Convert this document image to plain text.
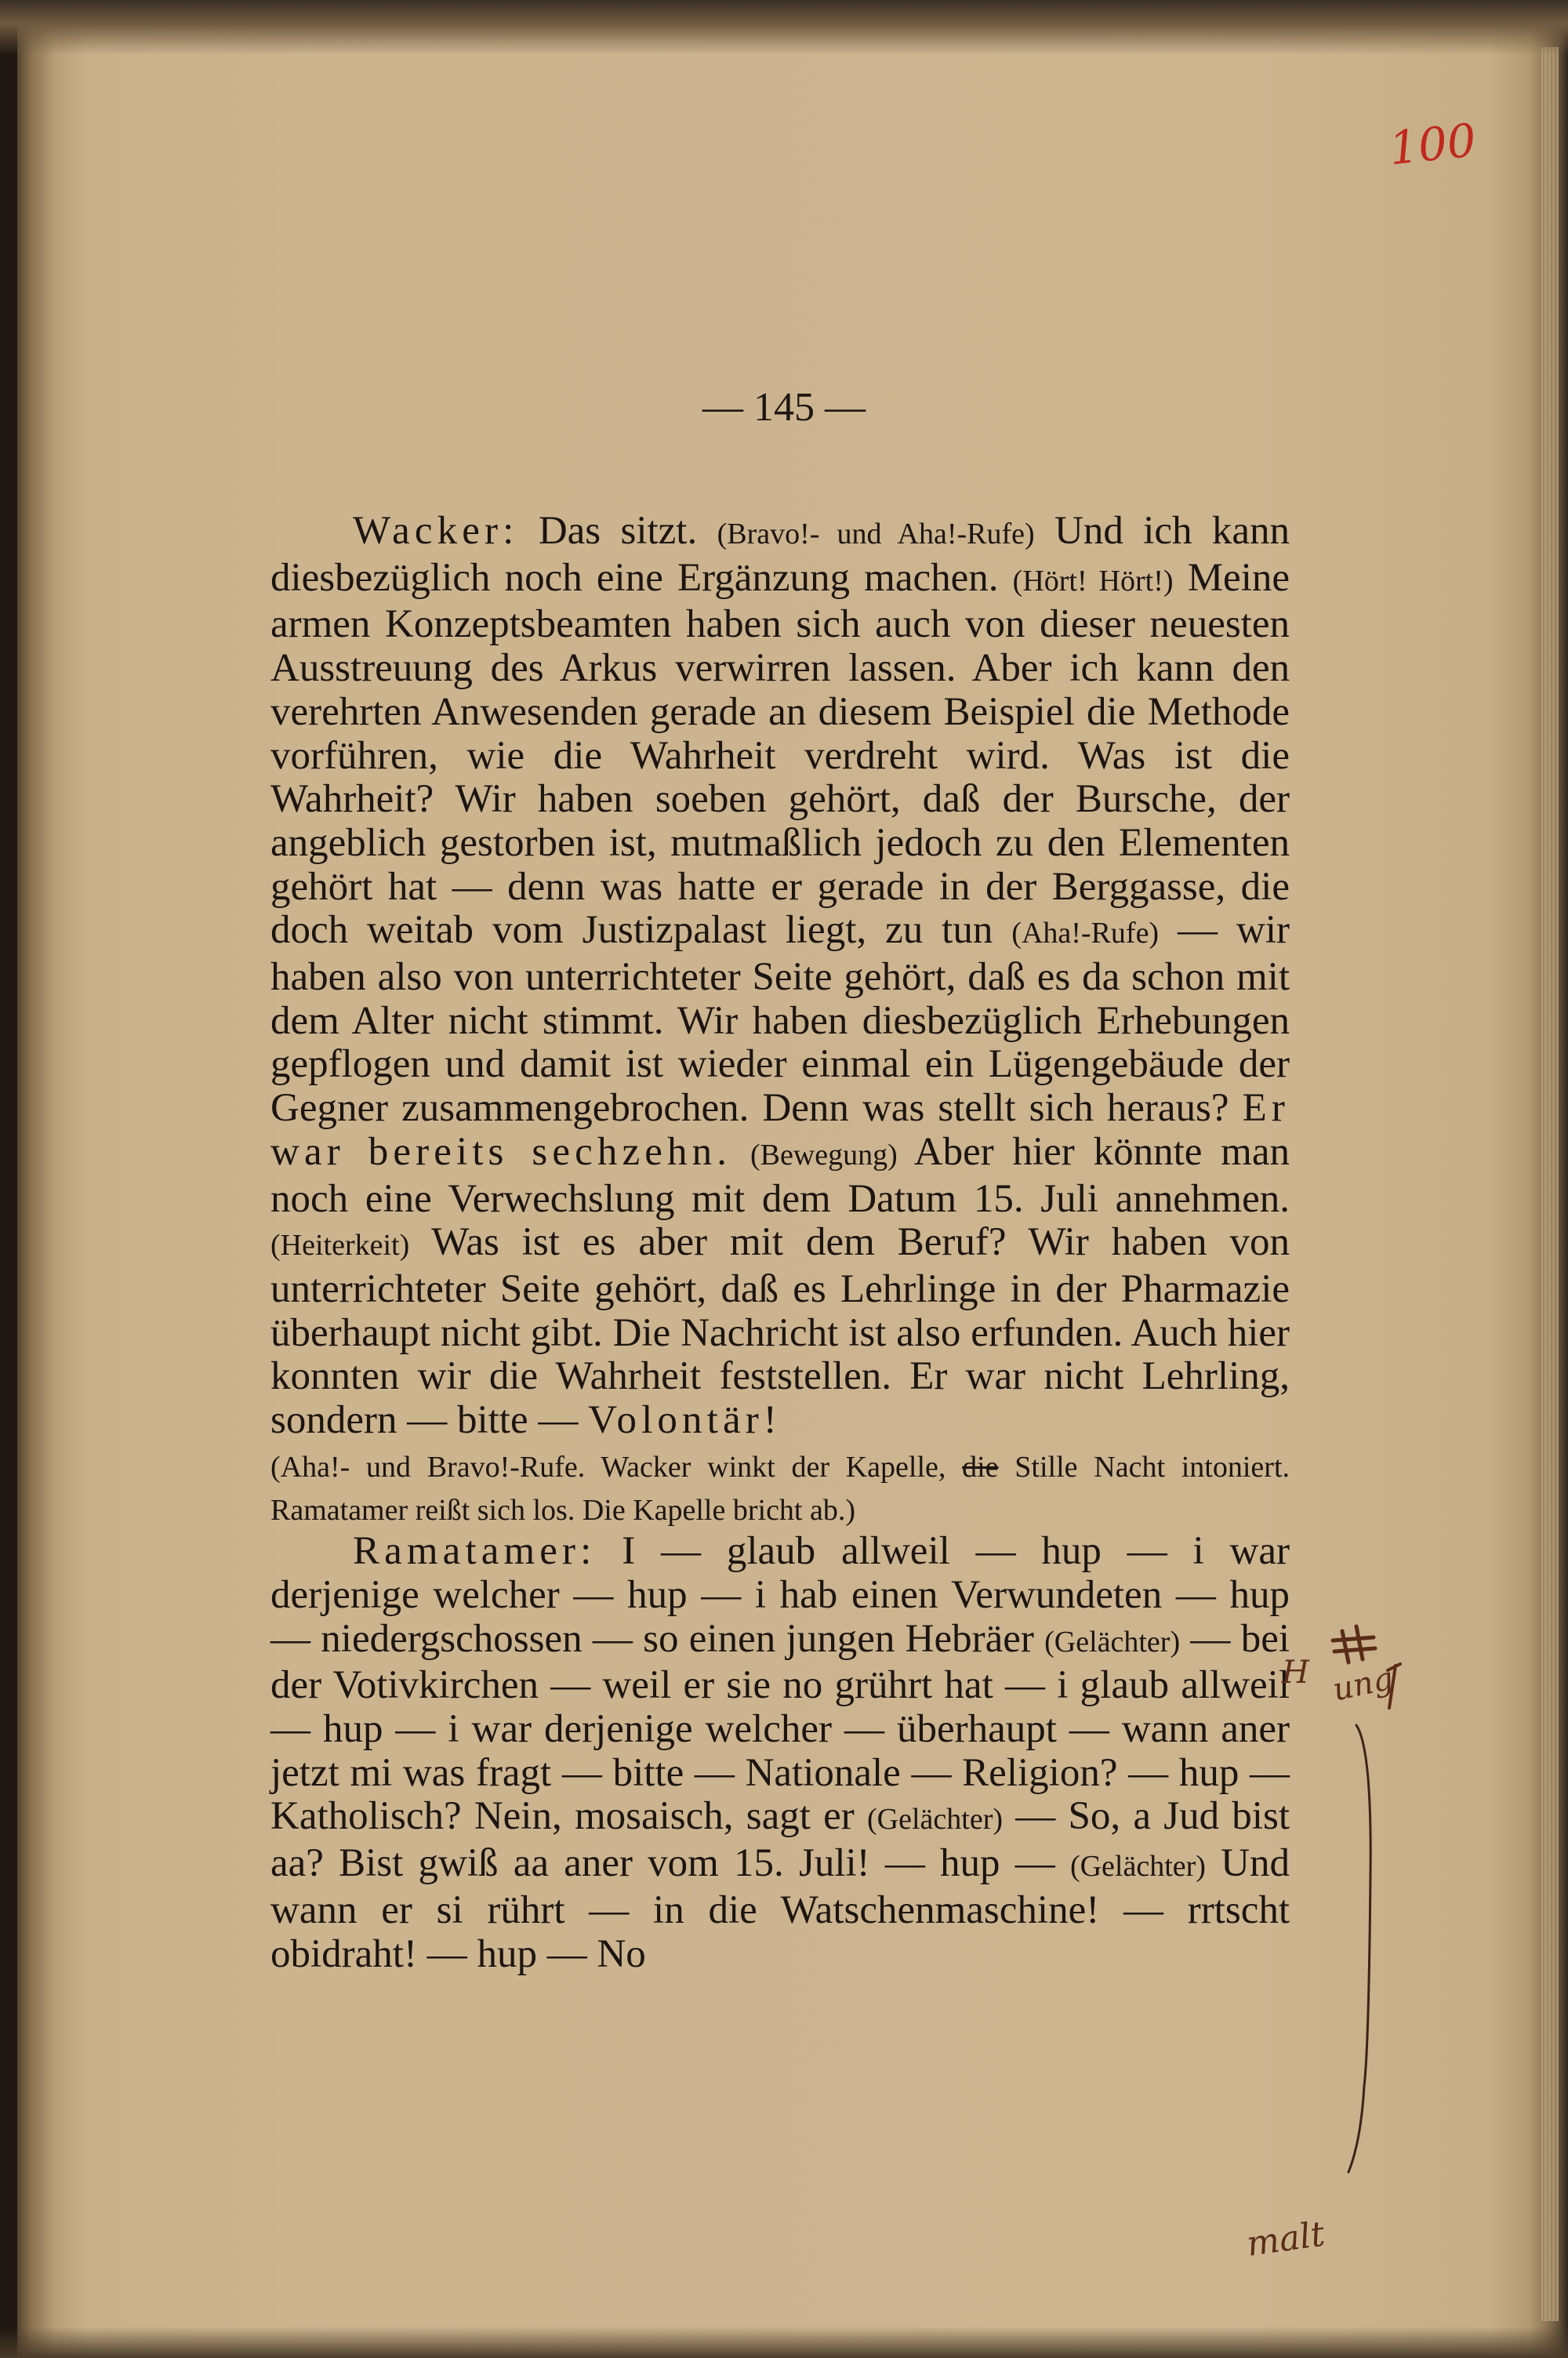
100
— 145 —

Wacker: Das sitzt. (Bravo!- und Aha!-Rufe) Und ich kann diesbezüglich noch eine Ergänzung machen. (Hört! Hört!) Meine armen Konzeptsbeamten haben sich auch von dieser neuesten Ausstreuung des Arkus verwirren lassen. Aber ich kann den verehrten Anwesenden gerade an diesem Beispiel die Methode vorführen, wie die Wahrheit verdreht wird. Was ist die Wahrheit? Wir haben soeben gehört, daß der Bursche, der angeblich gestorben ist, mutmaßlich jedoch zu den Elementen gehört hat — denn was hatte er gerade in der Berggasse, die doch weitab vom Justizpalast liegt, zu tun (Aha!-Rufe) — wir haben also von unterrichteter Seite gehört, daß es da schon mit dem Alter nicht stimmt. Wir haben diesbezüglich Erhebungen gepflogen und damit ist wieder einmal ein Lügengebäude der Gegner zusammengebrochen. Denn was stellt sich heraus? Er war bereits sechzehn. (Bewegung) Aber hier könnte man noch eine Verwechslung mit dem Datum 15. Juli annehmen. (Heiterkeit) Was ist es aber mit dem Beruf? Wir haben von unterrichteter Seite gehört, daß es Lehrlinge in der Pharmazie überhaupt nicht gibt. Die Nachricht ist also erfunden. Auch hier konnten wir die Wahrheit feststellen. Er war nicht Lehrling, sondern — bitte — Volontär!
(Aha!- und Bravo!-Rufe. Wacker winkt der Kapelle, die Stille Nacht intoniert. Ramatamer reißt sich los. Die Kapelle bricht ab.)

Ramatamer: I — glaub allweil — hup — i war derjenige welcher — hup — i hab einen Verwundeten — hup — niedergschossen — so einen jungen Hebräer (Gelächter) — bei der Votivkirchen — weil er sie no grührt hat — i glaub allweil — hup — i war derjenige welcher — überhaupt — wann aner jetzt mi was fragt — bitte — Nationale — Religion? — hup — Katholisch? Nein, mosaisch, sagt er (Gelächter) — So, a Jud bist aa? Bist gwiß aa aner vom 15. Juli! — hup — (Gelächter) Und wann er si rührt — in die Watschenmaschine! — rrtscht obidraht! — hup — No

H ung
malt
